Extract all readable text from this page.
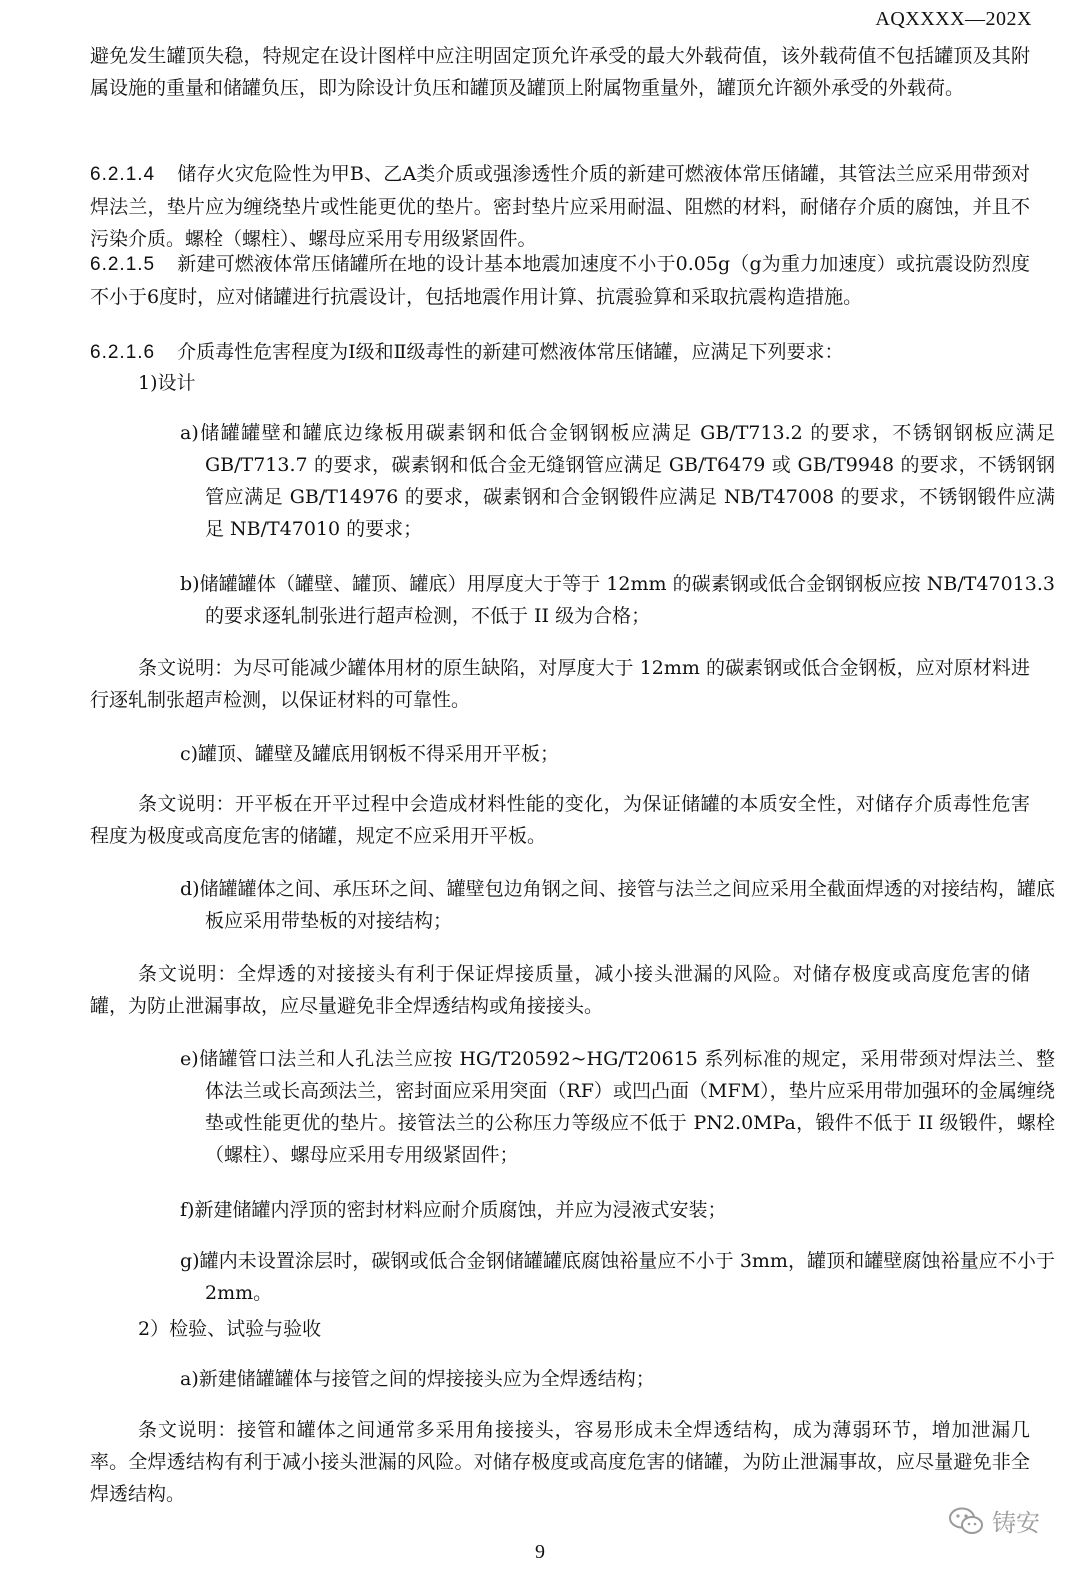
AQXXXX—202X

避免发生罐顶失稳，特规定在设计图样中应注明固定顶允许承受的最大外载荷值，该外载荷值不包括罐顶及其附属设施的重量和储罐负压，即为除设计负压和罐顶及罐顶上附属物重量外，罐顶允许额外承受的外载荷。

6.2.1.4 储存火灾危险性为甲B、乙A类介质或强渗透性介质的新建可燃液体常压储罐，其管法兰应采用带颈对焊法兰，垫片应为缠绕垫片或性能更优的垫片。密封垫片应采用耐温、阻燃的材料，耐储存介质的腐蚀，并且不污染介质。螺栓（螺柱）、螺母应采用专用级紧固件。

6.2.1.5 新建可燃液体常压储罐所在地的设计基本地震加速度不小于0.05g（g为重力加速度）或抗震设防烈度不小于6度时，应对储罐进行抗震设计，包括地震作用计算、抗震验算和采取抗震构造措施。

6.2.1.6 介质毒性危害程度为Ⅰ级和Ⅱ级毒性的新建可燃液体常压储罐，应满足下列要求：

1)设计

a)储罐罐壁和罐底边缘板用碳素钢和低合金钢钢板应满足 GB/T713.2 的要求，不锈钢钢板应满足 GB/T713.7 的要求，碳素钢和低合金无缝钢管应满足 GB/T6479 或 GB/T9948 的要求，不锈钢钢管应满足 GB/T14976 的要求，碳素钢和合金钢锻件应满足 NB/T47008 的要求，不锈钢锻件应满足 NB/T47010 的要求；

b)储罐罐体（罐壁、罐顶、罐底）用厚度大于等于 12mm 的碳素钢或低合金钢钢板应按 NB/T47013.3 的要求逐轧制张进行超声检测，不低于 II 级为合格；

条文说明：为尽可能减少罐体用材的原生缺陷，对厚度大于 12mm 的碳素钢或低合金钢板，应对原材料进行逐轧制张超声检测，以保证材料的可靠性。

c)罐顶、罐壁及罐底用钢板不得采用开平板；

条文说明：开平板在开平过程中会造成材料性能的变化，为保证储罐的本质安全性，对储存介质毒性危害程度为极度或高度危害的储罐，规定不应采用开平板。

d)储罐罐体之间、承压环之间、罐壁包边角钢之间、接管与法兰之间应采用全截面焊透的对接结构，罐底板应采用带垫板的对接结构；

条文说明：全焊透的对接接头有利于保证焊接质量，减小接头泄漏的风险。对储存极度或高度危害的储罐，为防止泄漏事故，应尽量避免非全焊透结构或角接接头。

e)储罐管口法兰和人孔法兰应按 HG/T20592~HG/T20615 系列标准的规定，采用带颈对焊法兰、整体法兰或长高颈法兰，密封面应采用突面（RF）或凹凸面（MFM），垫片应采用带加强环的金属缠绕垫或性能更优的垫片。接管法兰的公称压力等级应不低于 PN2.0MPa，锻件不低于 II 级锻件，螺栓（螺柱）、螺母应采用专用级紧固件；

f)新建储罐内浮顶的密封材料应耐介质腐蚀，并应为浸液式安装；

g)罐内未设置涂层时，碳钢或低合金钢储罐罐底腐蚀裕量应不小于 3mm，罐顶和罐壁腐蚀裕量应不小于 2mm。

2）检验、试验与验收

a)新建储罐罐体与接管之间的焊接接头应为全焊透结构；

条文说明：接管和罐体之间通常多采用角接接头，容易形成未全焊透结构，成为薄弱环节，增加泄漏几率。全焊透结构有利于减小接头泄漏的风险。对储存极度或高度危害的储罐，为防止泄漏事故，应尽量避免非全焊透结构。

铸安
9
